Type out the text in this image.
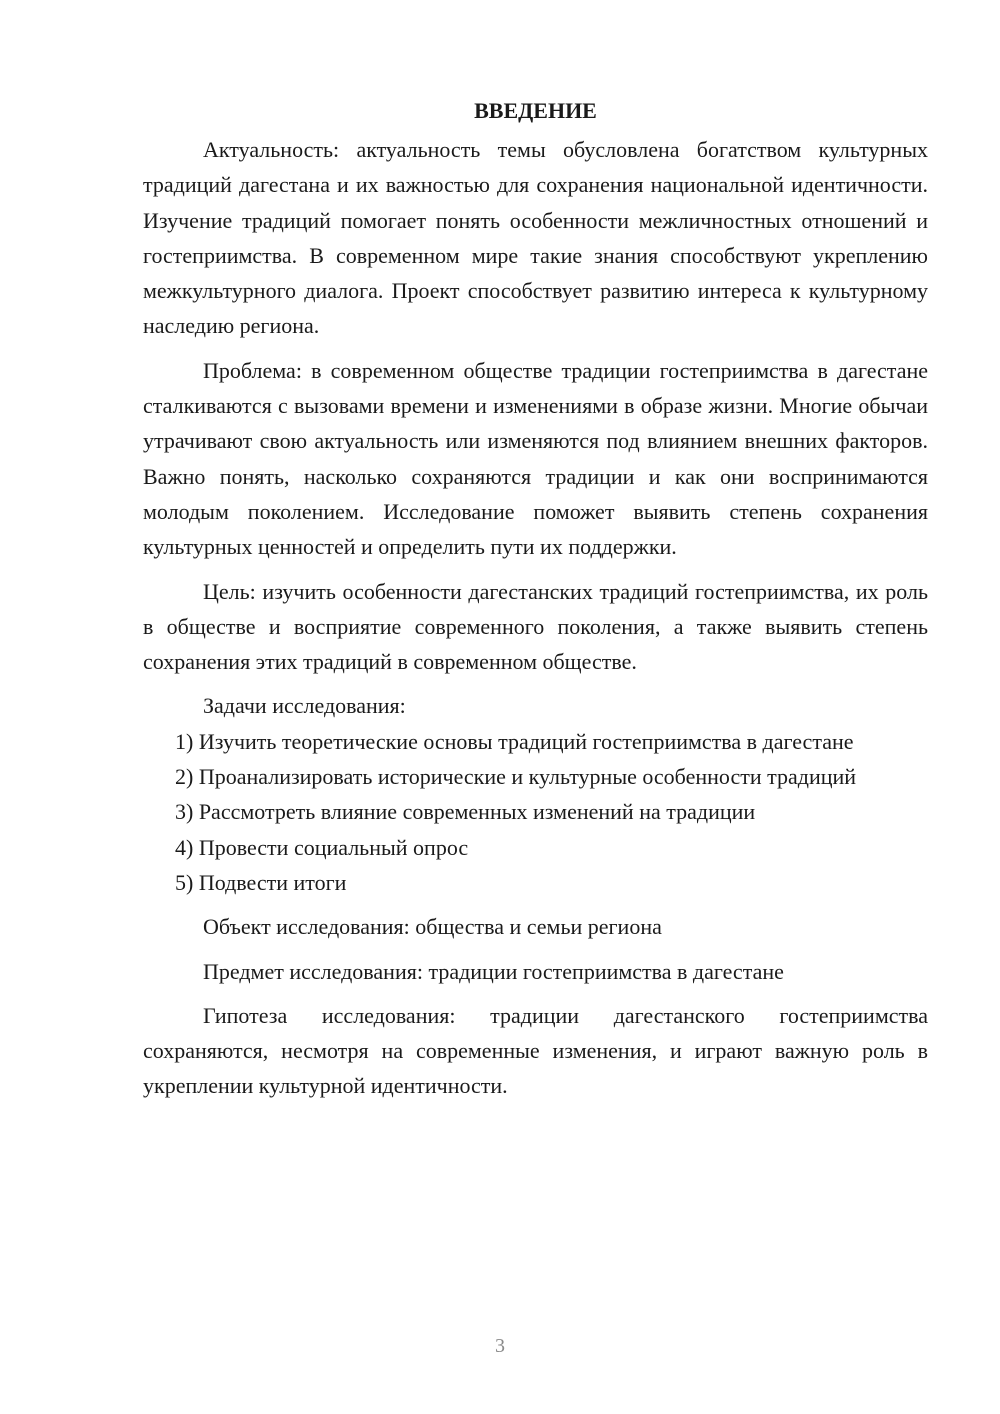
ВВЕДЕНИЕ

Актуальность: актуальность темы обусловлена богатством культурных традиций дагестана и их важностью для сохранения национальной идентичности. Изучение традиций помогает понять особенности межличностных отношений и гостеприимства. В современном мире такие знания способствуют укреплению межкультурного диалога. Проект способствует развитию интереса к культурному наследию региона.

Проблема: в современном обществе традиции гостеприимства в дагестане сталкиваются с вызовами времени и изменениями в образе жизни. Многие обычаи утрачивают свою актуальность или изменяются под влиянием внешних факторов. Важно понять, насколько сохраняются традиции и как они воспринимаются молодым поколением. Исследование поможет выявить степень сохранения культурных ценностей и определить пути их поддержки.

Цель: изучить особенности дагестанских традиций гостеприимства, их роль в обществе и восприятие современного поколения, а также выявить степень сохранения этих традиций в современном обществе.

Задачи исследования:

1) Изучить теоретические основы традиций гостеприимства в дагестане

2) Проанализировать исторические и культурные особенности традиций

3) Рассмотреть влияние современных изменений на традиции

4) Провести социальный опрос

5) Подвести итоги

Объект исследования: общества и семьи региона

Предмет исследования: традиции гостеприимства в дагестане

Гипотеза исследования: традиции дагестанского гостеприимства сохраняются, несмотря на современные изменения, и играют важную роль в укреплении культурной идентичности.

3
